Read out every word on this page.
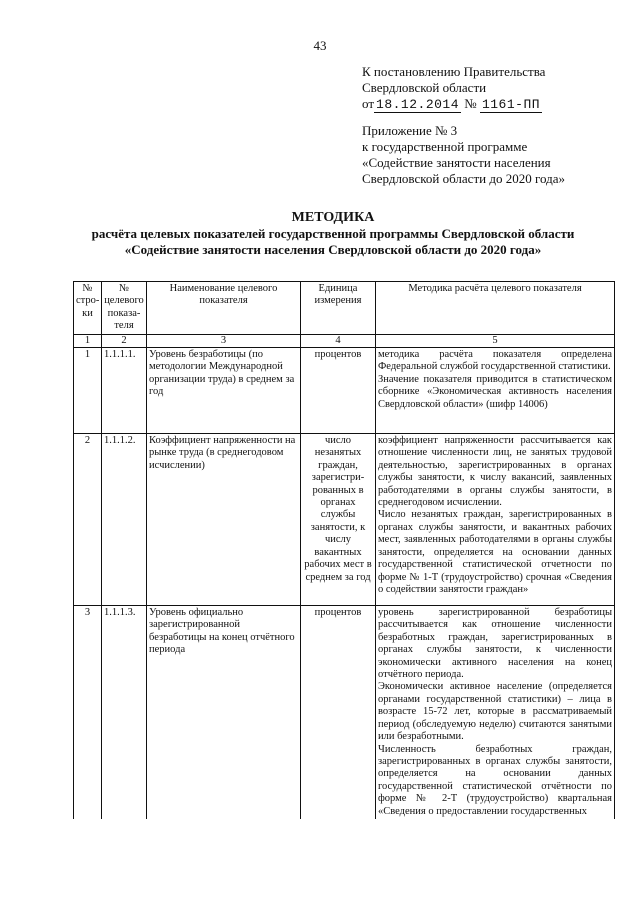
43
К постановлению Правительства
Свердловской области
от 18.12.2014 № 1161-ПП
Приложение № 3
к государственной программе
«Содействие занятости населения
Свердловской области до 2020 года»
МЕТОДИКА
расчёта целевых показателей государственной программы Свердловской области
«Содействие занятости населения Свердловской области до 2020 года»
№ стро-ки	№ целевого показа-теля	Наименование целевого показателя	Единица измерения	Методика расчёта целевого показателя
1	2	3	4	5
1	1.1.1.1.	Уровень безработицы (по методологии Международной организации труда) в среднем за год	процентов	методика расчёта показателя определена Федеральной службой государственной статистики.

Значение показателя приводится в статистическом сборнике «Экономическая активность населения Свердловской области» (шифр 14006)

2	1.1.1.2.	Коэффициент напряженности на рынке труда (в среднегодовом исчислении)	число незанятых граждан, зарегистри-рованных в органах службы занятости, к числу вакантных рабочих мест в среднем за год	коэффициент напряженности рассчитывается как отношение численности лиц, не занятых трудовой деятельностью, зарегистрированных в органах службы занятости, к числу вакансий, заявленных работодателями в органы службы занятости, в среднегодовом исчислении.

Число незанятых граждан, зарегистрированных в органах службы занятости, и вакантных рабочих мест, заявленных работодателями в органы службы занятости, определяется на основании данных государственной статистической отчетности по форме № 1-Т (трудоустройство) срочная «Сведения о содействии занятости граждан»

3	1.1.1.3.	Уровень официально зарегистрированной безработицы на конец отчётного периода	процентов	уровень зарегистрированной безработицы рассчитывается как отношение численности безработных граждан, зарегистрированных в органах службы занятости, к численности экономически активного населения на конец отчётного периода.

Экономически активное население (определяется органами государственной статистики) – лица в возрасте 15-72 лет, которые в рассматриваемый период (обследуемую неделю) считаются занятыми или безработными.

Численность безработных граждан, зарегистрированных в органах службы занятости, определяется на основании данных государственной статистической отчётности по форме № 2-Т (трудоустройство) квартальная «Сведения о предоставлении государственных
